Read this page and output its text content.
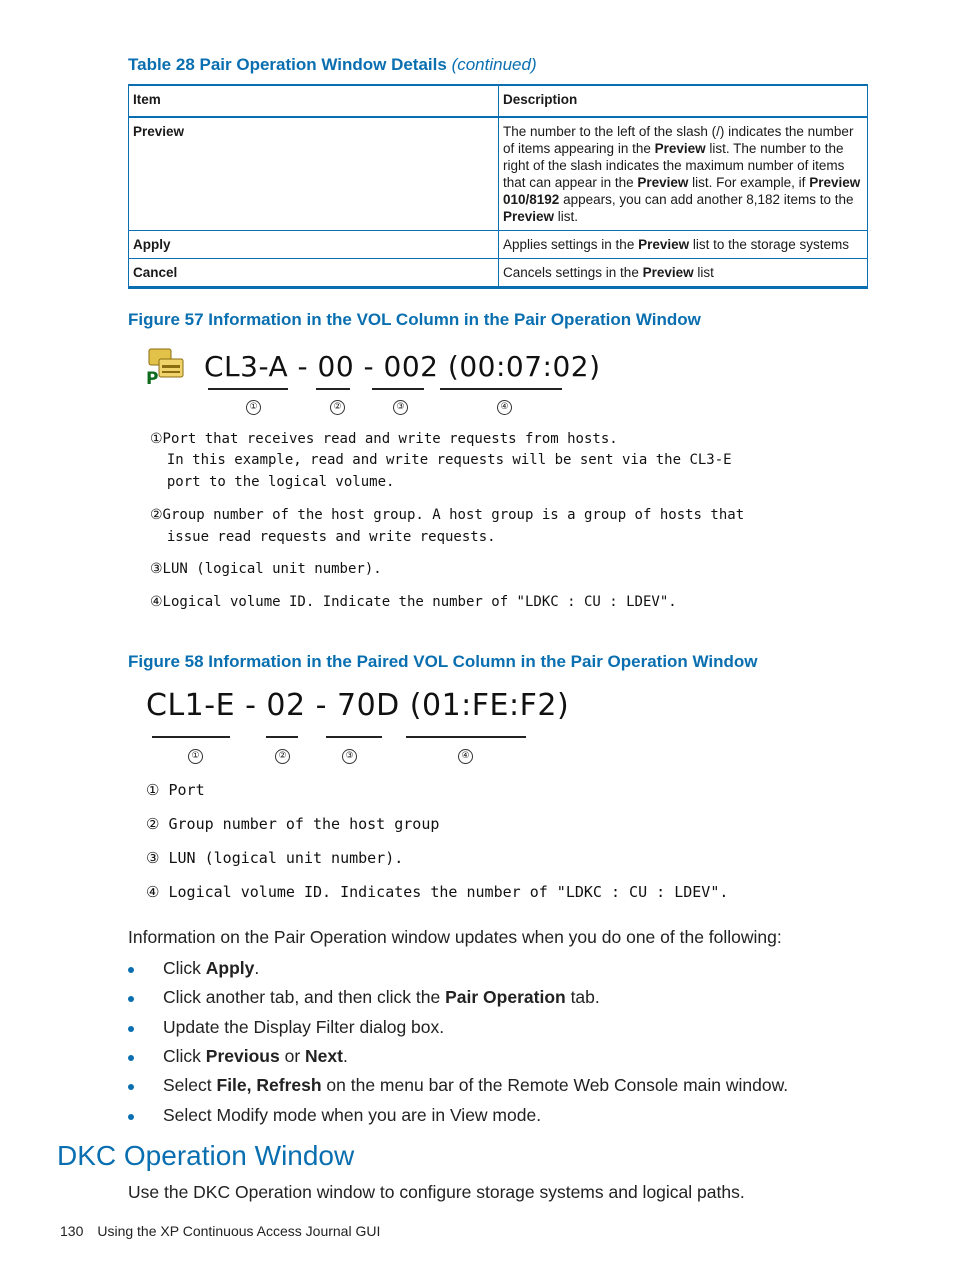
Table 28 Pair Operation Window Details (continued)
Item	Description
Preview	The number to the left of the slash (/) indicates the number of items appearing in the Preview list. The number to the right of the slash indicates the maximum number of items that can appear in the Preview list. For example, if Preview 010/8192 appears, you can add another 8,182 items to the Preview list.
Apply	Applies settings in the Preview list to the storage systems
Cancel	Cancels settings in the Preview list
Figure 57 Information in the VOL Column in the Pair Operation Window
P CL3-A - 00 - 002 (00:07:02)
①	②	③	④
①Port that receives read and write requests from hosts.
In this example, read and write requests will be sent via the CL3-E
port to the logical volume.
②Group number of the host group. A host group is a group of hosts that
issue read requests and write requests.
③LUN (logical unit number).
④Logical volume ID. Indicate the number of "LDKC : CU : LDEV".
Figure 58 Information in the Paired VOL Column in the Pair Operation Window
CL1-E - 02 - 70D (01:FE:F2)
①	②	③	④
① Port
② Group number of the host group
③ LUN (logical unit number).
④ Logical volume ID. Indicates the number of "LDKC : CU : LDEV".
Information on the Pair Operation window updates when you do one of the following:
Click Apply.
Click another tab, and then click the Pair Operation tab.
Update the Display Filter dialog box.
Click Previous or Next.
Select File, Refresh on the menu bar of the Remote Web Console main window.
Select Modify mode when you are in View mode.
DKC Operation Window
Use the DKC Operation window to configure storage systems and logical paths.
130 Using the XP Continuous Access Journal GUI
